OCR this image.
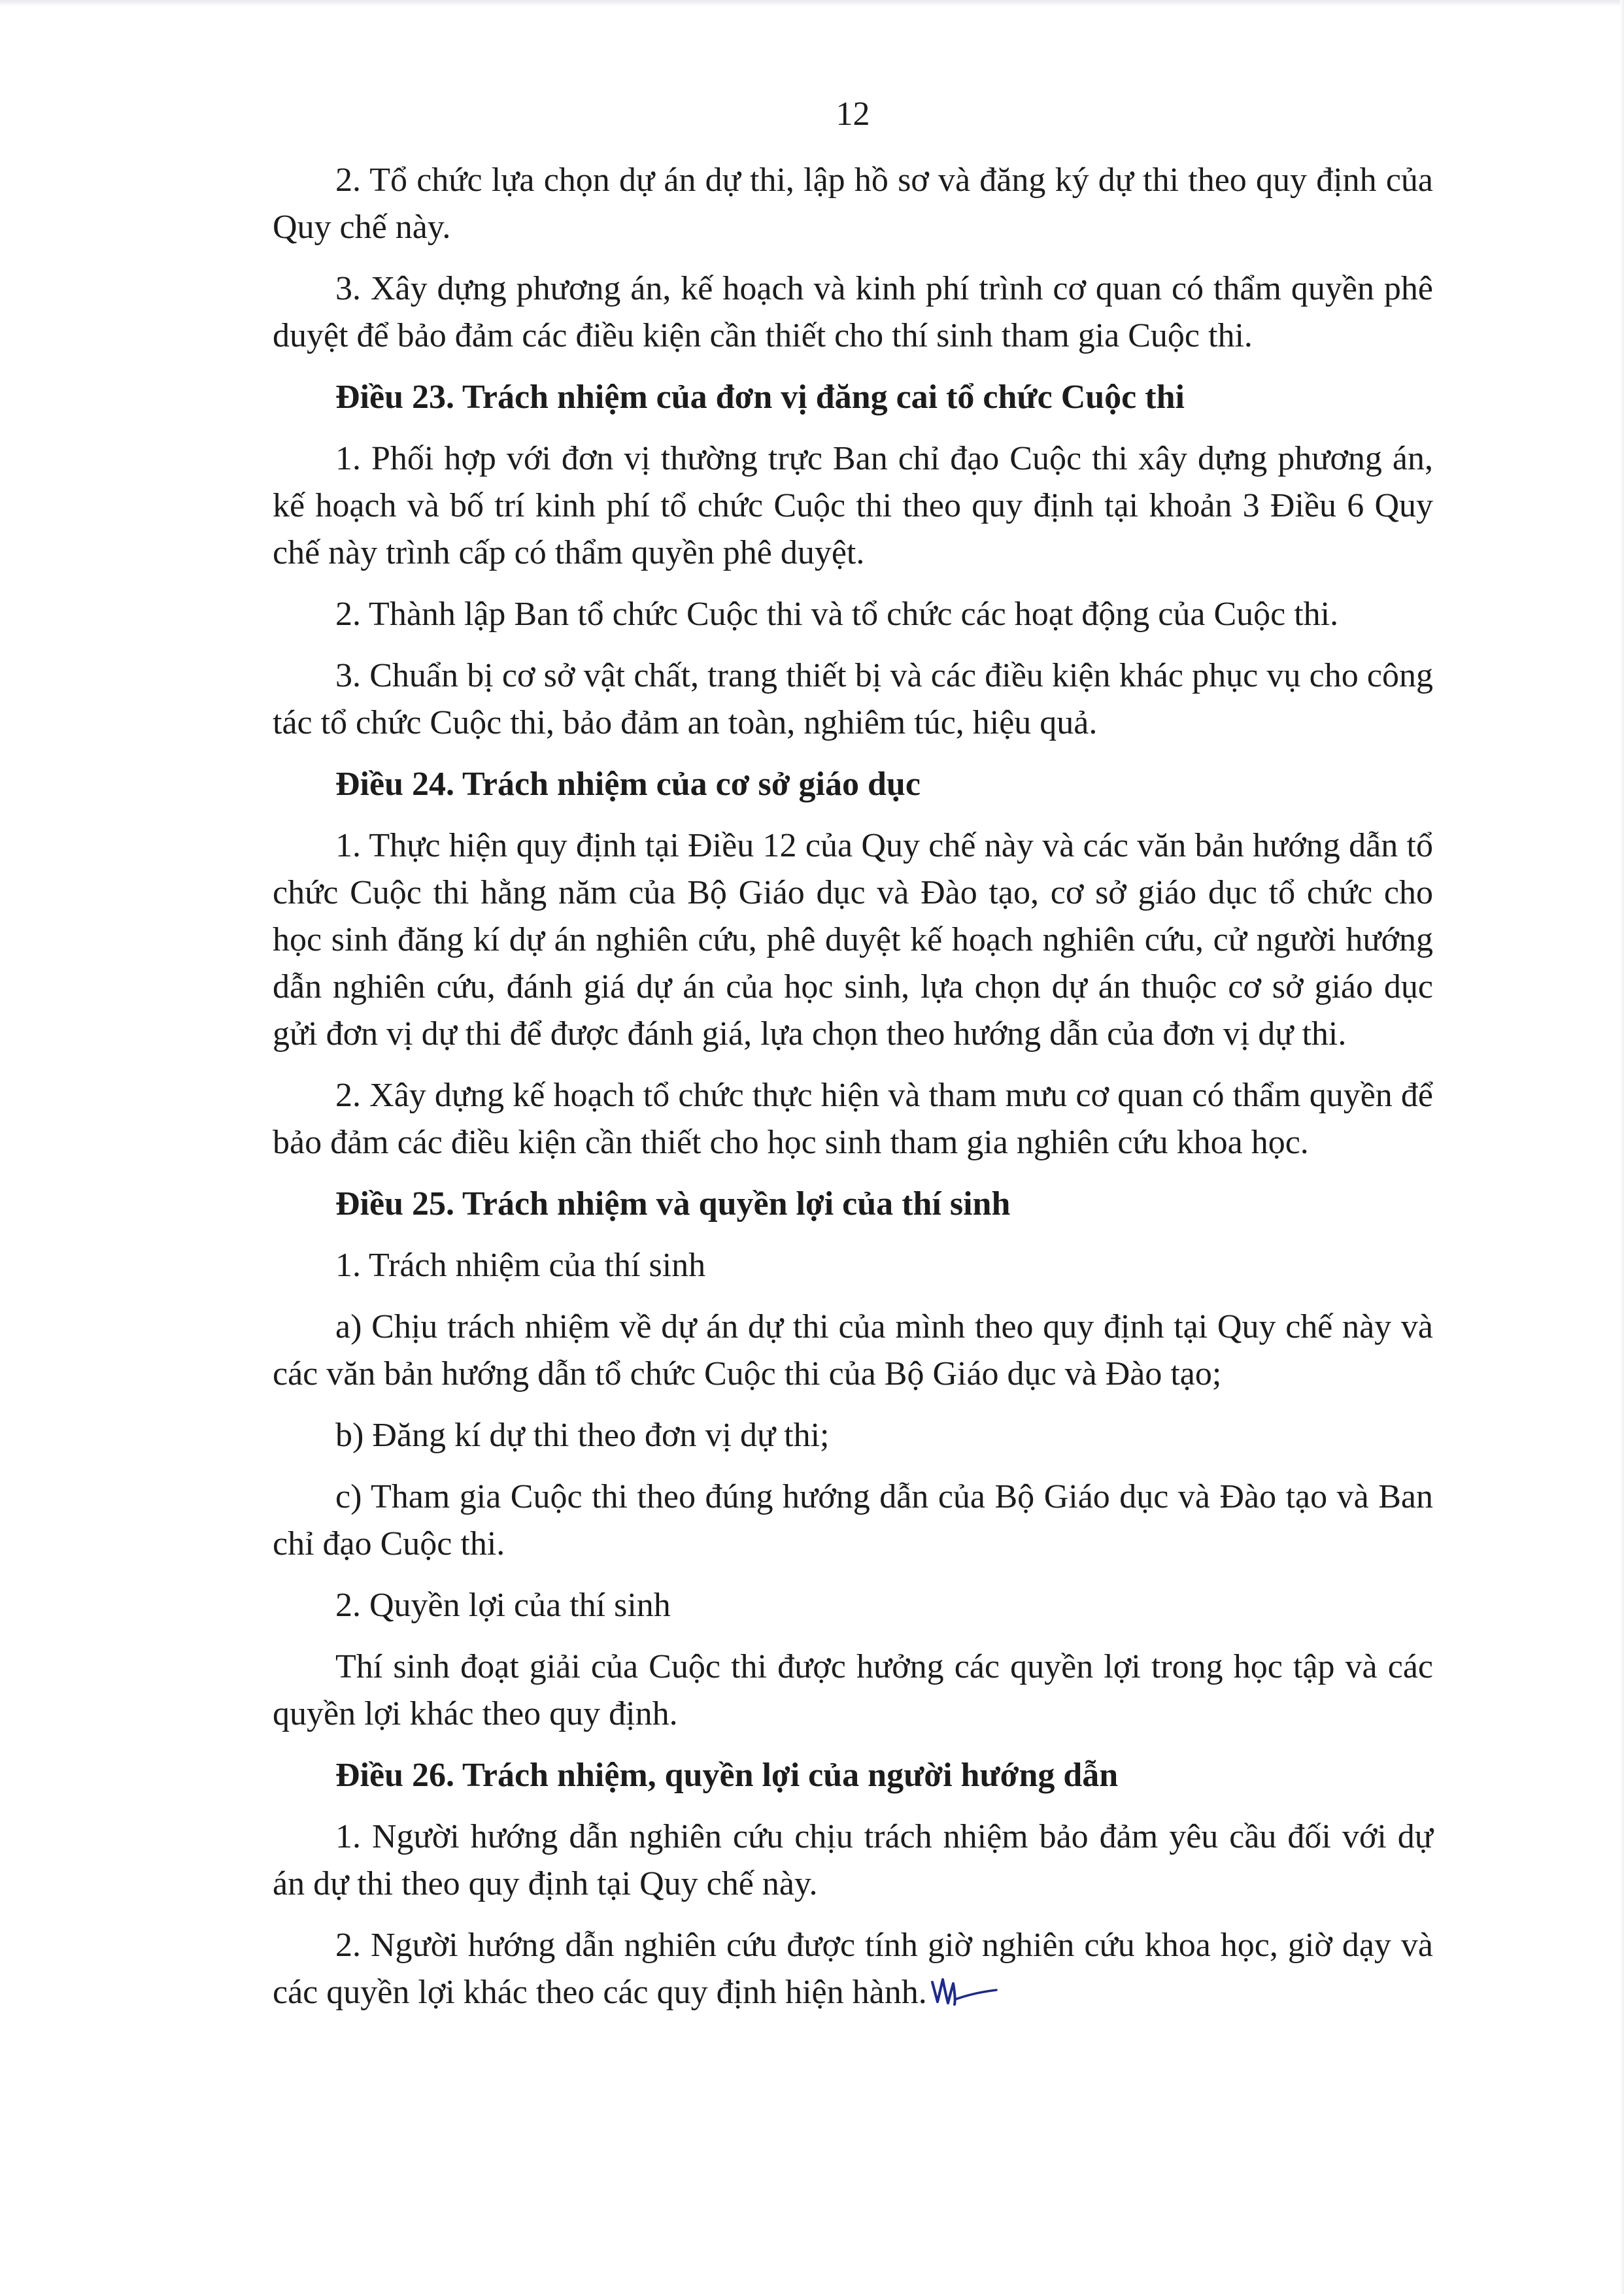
12

2. Tổ chức lựa chọn dự án dự thi, lập hồ sơ và đăng ký dự thi theo quy định của Quy chế này.

3. Xây dựng phương án, kế hoạch và kinh phí trình cơ quan có thẩm quyền phê duyệt để bảo đảm các điều kiện cần thiết cho thí sinh tham gia Cuộc thi.

Điều 23. Trách nhiệm của đơn vị đăng cai tổ chức Cuộc thi

1. Phối hợp với đơn vị thường trực Ban chỉ đạo Cuộc thi xây dựng phương án, kế hoạch và bố trí kinh phí tổ chức Cuộc thi theo quy định tại khoản 3 Điều 6 Quy chế này trình cấp có thẩm quyền phê duyệt.

2. Thành lập Ban tổ chức Cuộc thi và tổ chức các hoạt động của Cuộc thi.

3. Chuẩn bị cơ sở vật chất, trang thiết bị và các điều kiện khác phục vụ cho công tác tổ chức Cuộc thi, bảo đảm an toàn, nghiêm túc, hiệu quả.

Điều 24. Trách nhiệm của cơ sở giáo dục

1. Thực hiện quy định tại Điều 12 của Quy chế này và các văn bản hướng dẫn tổ chức Cuộc thi hằng năm của Bộ Giáo dục và Đào tạo, cơ sở giáo dục tổ chức cho học sinh đăng kí dự án nghiên cứu, phê duyệt kế hoạch nghiên cứu, cử người hướng dẫn nghiên cứu, đánh giá dự án của học sinh, lựa chọn dự án thuộc cơ sở giáo dục gửi đơn vị dự thi để được đánh giá, lựa chọn theo hướng dẫn của đơn vị dự thi.

2. Xây dựng kế hoạch tổ chức thực hiện và tham mưu cơ quan có thẩm quyền để bảo đảm các điều kiện cần thiết cho học sinh tham gia nghiên cứu khoa học.

Điều 25. Trách nhiệm và quyền lợi của thí sinh

1. Trách nhiệm của thí sinh

a) Chịu trách nhiệm về dự án dự thi của mình theo quy định tại Quy chế này và các văn bản hướng dẫn tổ chức Cuộc thi của Bộ Giáo dục và Đào tạo;

b) Đăng kí dự thi theo đơn vị dự thi;

c) Tham gia Cuộc thi theo đúng hướng dẫn của Bộ Giáo dục và Đào tạo và Ban chỉ đạo Cuộc thi.

2. Quyền lợi của thí sinh

Thí sinh đoạt giải của Cuộc thi được hưởng các quyền lợi trong học tập và các quyền lợi khác theo quy định.

Điều 26. Trách nhiệm, quyền lợi của người hướng dẫn

1. Người hướng dẫn nghiên cứu chịu trách nhiệm bảo đảm yêu cầu đối với dự án dự thi theo quy định tại Quy chế này.

2. Người hướng dẫn nghiên cứu được tính giờ nghiên cứu khoa học, giờ dạy và các quyền lợi khác theo các quy định hiện hành.
